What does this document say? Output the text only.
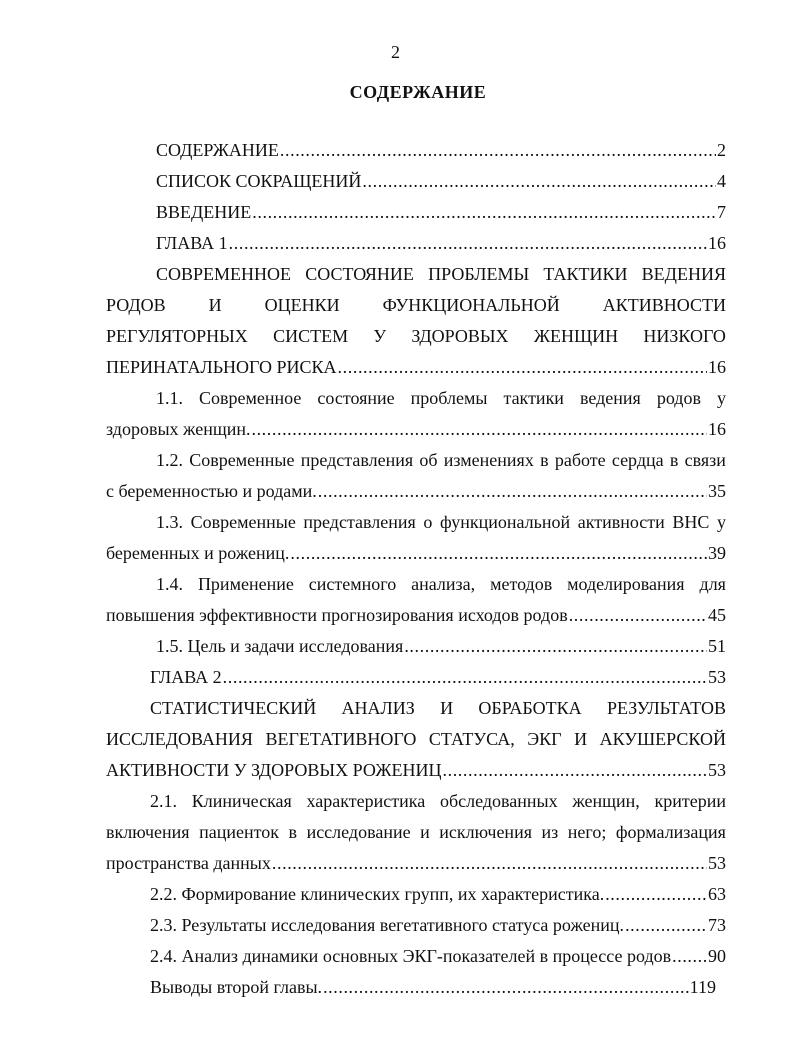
2
СОДЕРЖАНИЕ
СОДЕРЖАНИЕ .....	2
СПИСОК СОКРАЩЕНИЙ .....	4
ВВЕДЕНИЕ .....	7
ГЛАВА 1 .....	16
СОВРЕМЕННОЕ СОСТОЯНИЕ ПРОБЛЕМЫ ТАКТИКИ ВЕДЕНИЯ
РОДОВ И ОЦЕНКИ ФУНКЦИОНАЛЬНОЙ АКТИВНОСТИ
РЕГУЛЯТОРНЫХ СИСТЕМ У ЗДОРОВЫХ ЖЕНЩИН НИЗКОГО
ПЕРИНАТАЛЬНОГО РИСКА .....	16
1.1. Современное состояние проблемы тактики ведения родов у
здоровых женщин. .....	16
1.2. Современные представления об изменениях в работе сердца в связи
с беременностью и родами. .....	35
1.3. Современные представления о функциональной активности ВНС у
беременных и рожениц. .....	39
1.4. Применение системного анализа, методов моделирования для
повышения эффективности прогнозирования исходов родов .....	45
1.5. Цель и задачи исследования .....	51
ГЛАВА 2 .....	53
СТАТИСТИЧЕСКИЙ АНАЛИЗ И ОБРАБОТКА РЕЗУЛЬТАТОВ
ИССЛЕДОВАНИЯ ВЕГЕТАТИВНОГО СТАТУСА, ЭКГ И АКУШЕРСКОЙ
АКТИВНОСТИ У ЗДОРОВЫХ РОЖЕНИЦ .....	53
2.1. Клиническая характеристика обследованных женщин, критерии
включения пациенток в исследование и исключения из него; формализация
пространства данных .....	53
2.2. Формирование клинических групп, их характеристика. .....	63
2.3. Результаты исследования вегетативного статуса рожениц. .....	73
2.4. Анализ динамики основных ЭКГ-показателей в процессе родов ..... 90
Выводы второй главы. .....	119
